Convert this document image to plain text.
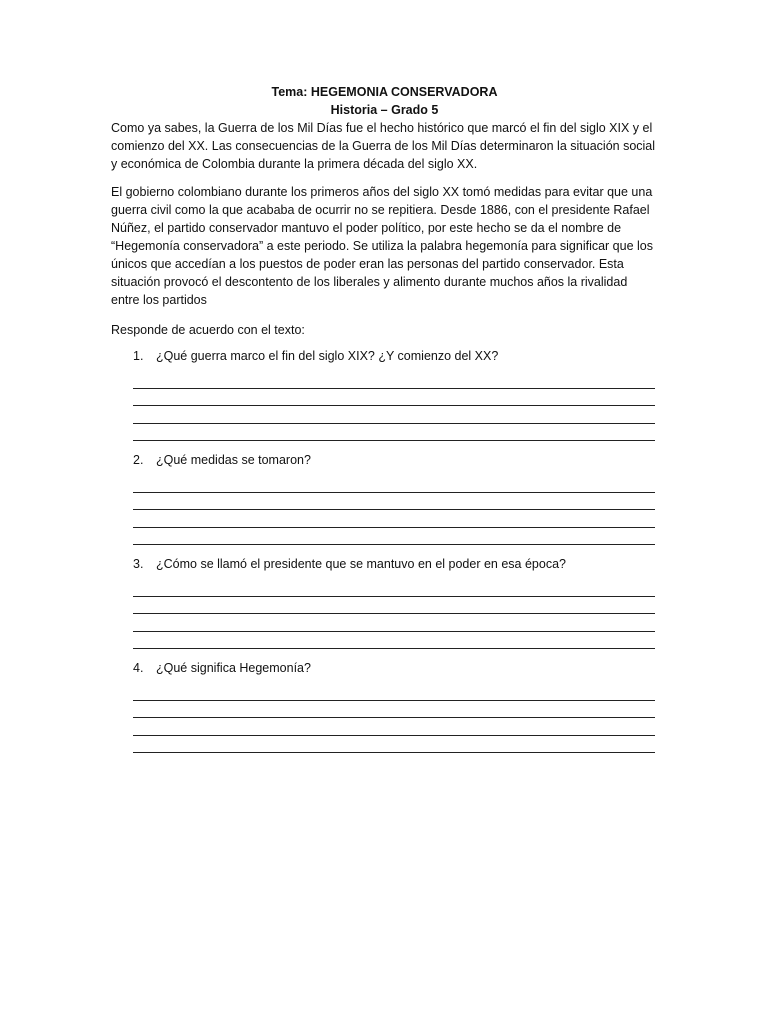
Tema: HEGEMONIA CONSERVADORA
Historia – Grado 5

Como ya sabes, la Guerra de los Mil Días fue el hecho histórico que marcó el fin del siglo XIX y el comienzo del XX. Las consecuencias de la Guerra de los Mil Días determinaron la situación social y económica de Colombia durante la primera década del siglo XX.

El gobierno colombiano durante los primeros años del siglo XX tomó medidas para evitar que una guerra civil como la que acababa de ocurrir no se repitiera. Desde 1886, con el presidente Rafael Núñez, el partido conservador mantuvo el poder político, por este hecho se da el nombre de “Hegemonía conservadora” a este periodo. Se utiliza la palabra hegemonía para significar que los únicos que accedían a los puestos de poder eran las personas del partido conservador. Esta situación provocó el descontento de los liberales y alimento durante muchos años la rivalidad entre los partidos

Responde de acuerdo con el texto:
1.	¿Qué guerra marco el fin del siglo XIX? ¿Y comienzo del XX?
2.	¿Qué medidas se tomaron?
3.	¿Cómo se llamó el presidente que se mantuvo en el poder en esa época?
4.	¿Qué significa Hegemonía?
